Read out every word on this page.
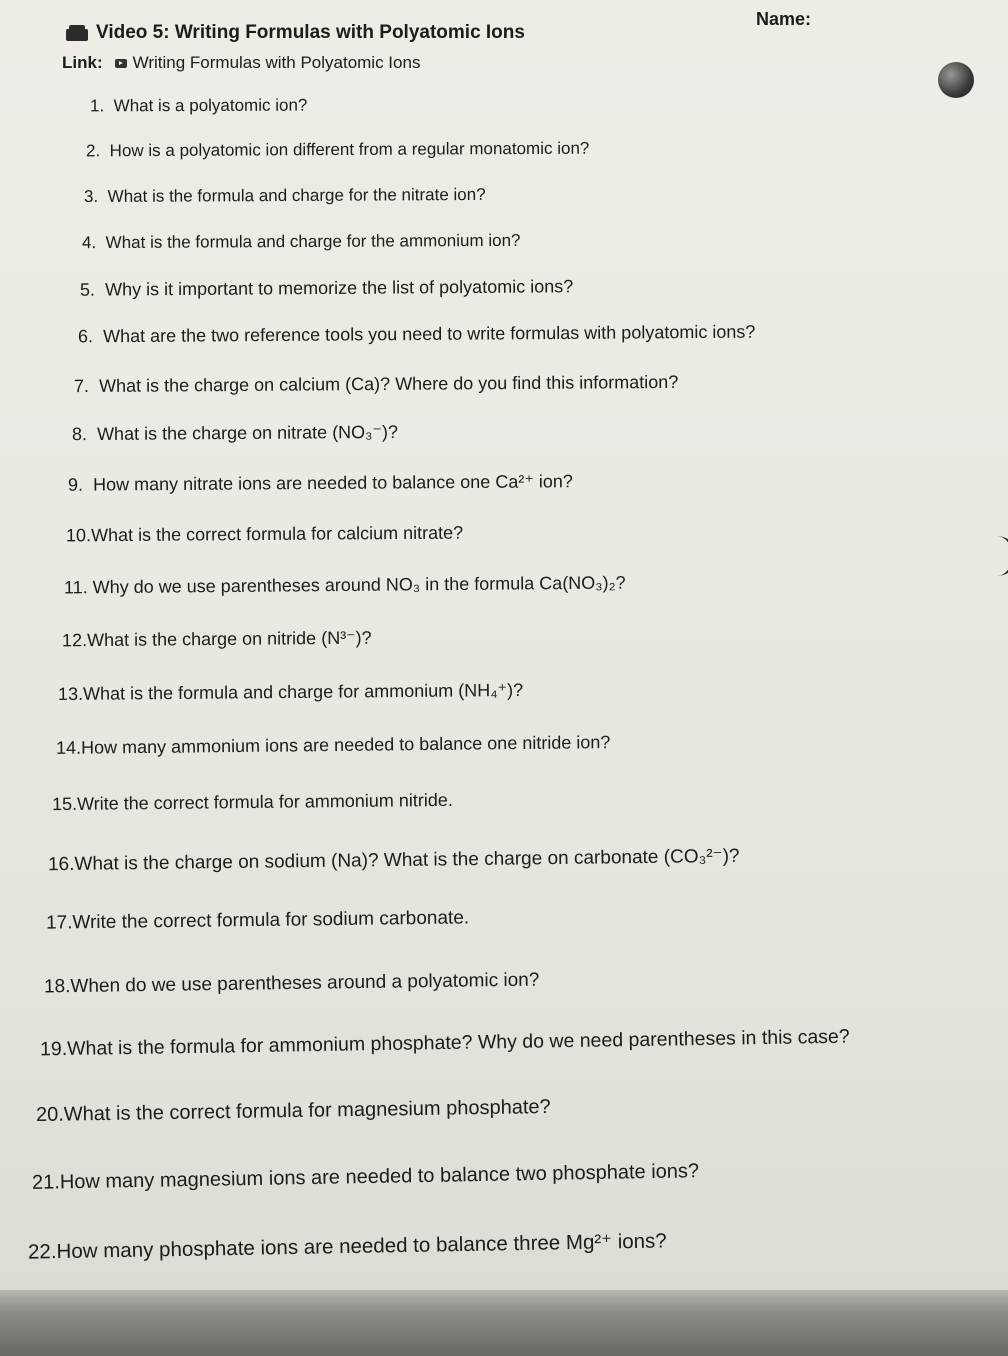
Video 5: Writing Formulas with Polyatomic Ions
Name:
Link: Writing Formulas with Polyatomic Ions
1. What is a polyatomic ion?
2. How is a polyatomic ion different from a regular monatomic ion?
3. What is the formula and charge for the nitrate ion?
4. What is the formula and charge for the ammonium ion?
5. Why is it important to memorize the list of polyatomic ions?
6. What are the two reference tools you need to write formulas with polyatomic ions?
7. What is the charge on calcium (Ca)? Where do you find this information?
8. What is the charge on nitrate (NO₃⁻)?
9. How many nitrate ions are needed to balance one Ca²⁺ ion?
10.What is the correct formula for calcium nitrate?
11. Why do we use parentheses around NO₃ in the formula Ca(NO₃)₂?
12.What is the charge on nitride (N³⁻)?
13.What is the formula and charge for ammonium (NH₄⁺)?
14.How many ammonium ions are needed to balance one nitride ion?
15.Write the correct formula for ammonium nitride.
16.What is the charge on sodium (Na)? What is the charge on carbonate (CO₃²⁻)?
17.Write the correct formula for sodium carbonate.
18.When do we use parentheses around a polyatomic ion?
19.What is the formula for ammonium phosphate? Why do we need parentheses in this case?
20.What is the correct formula for magnesium phosphate?
21.How many magnesium ions are needed to balance two phosphate ions?
22.How many phosphate ions are needed to balance three Mg²⁺ ions?
